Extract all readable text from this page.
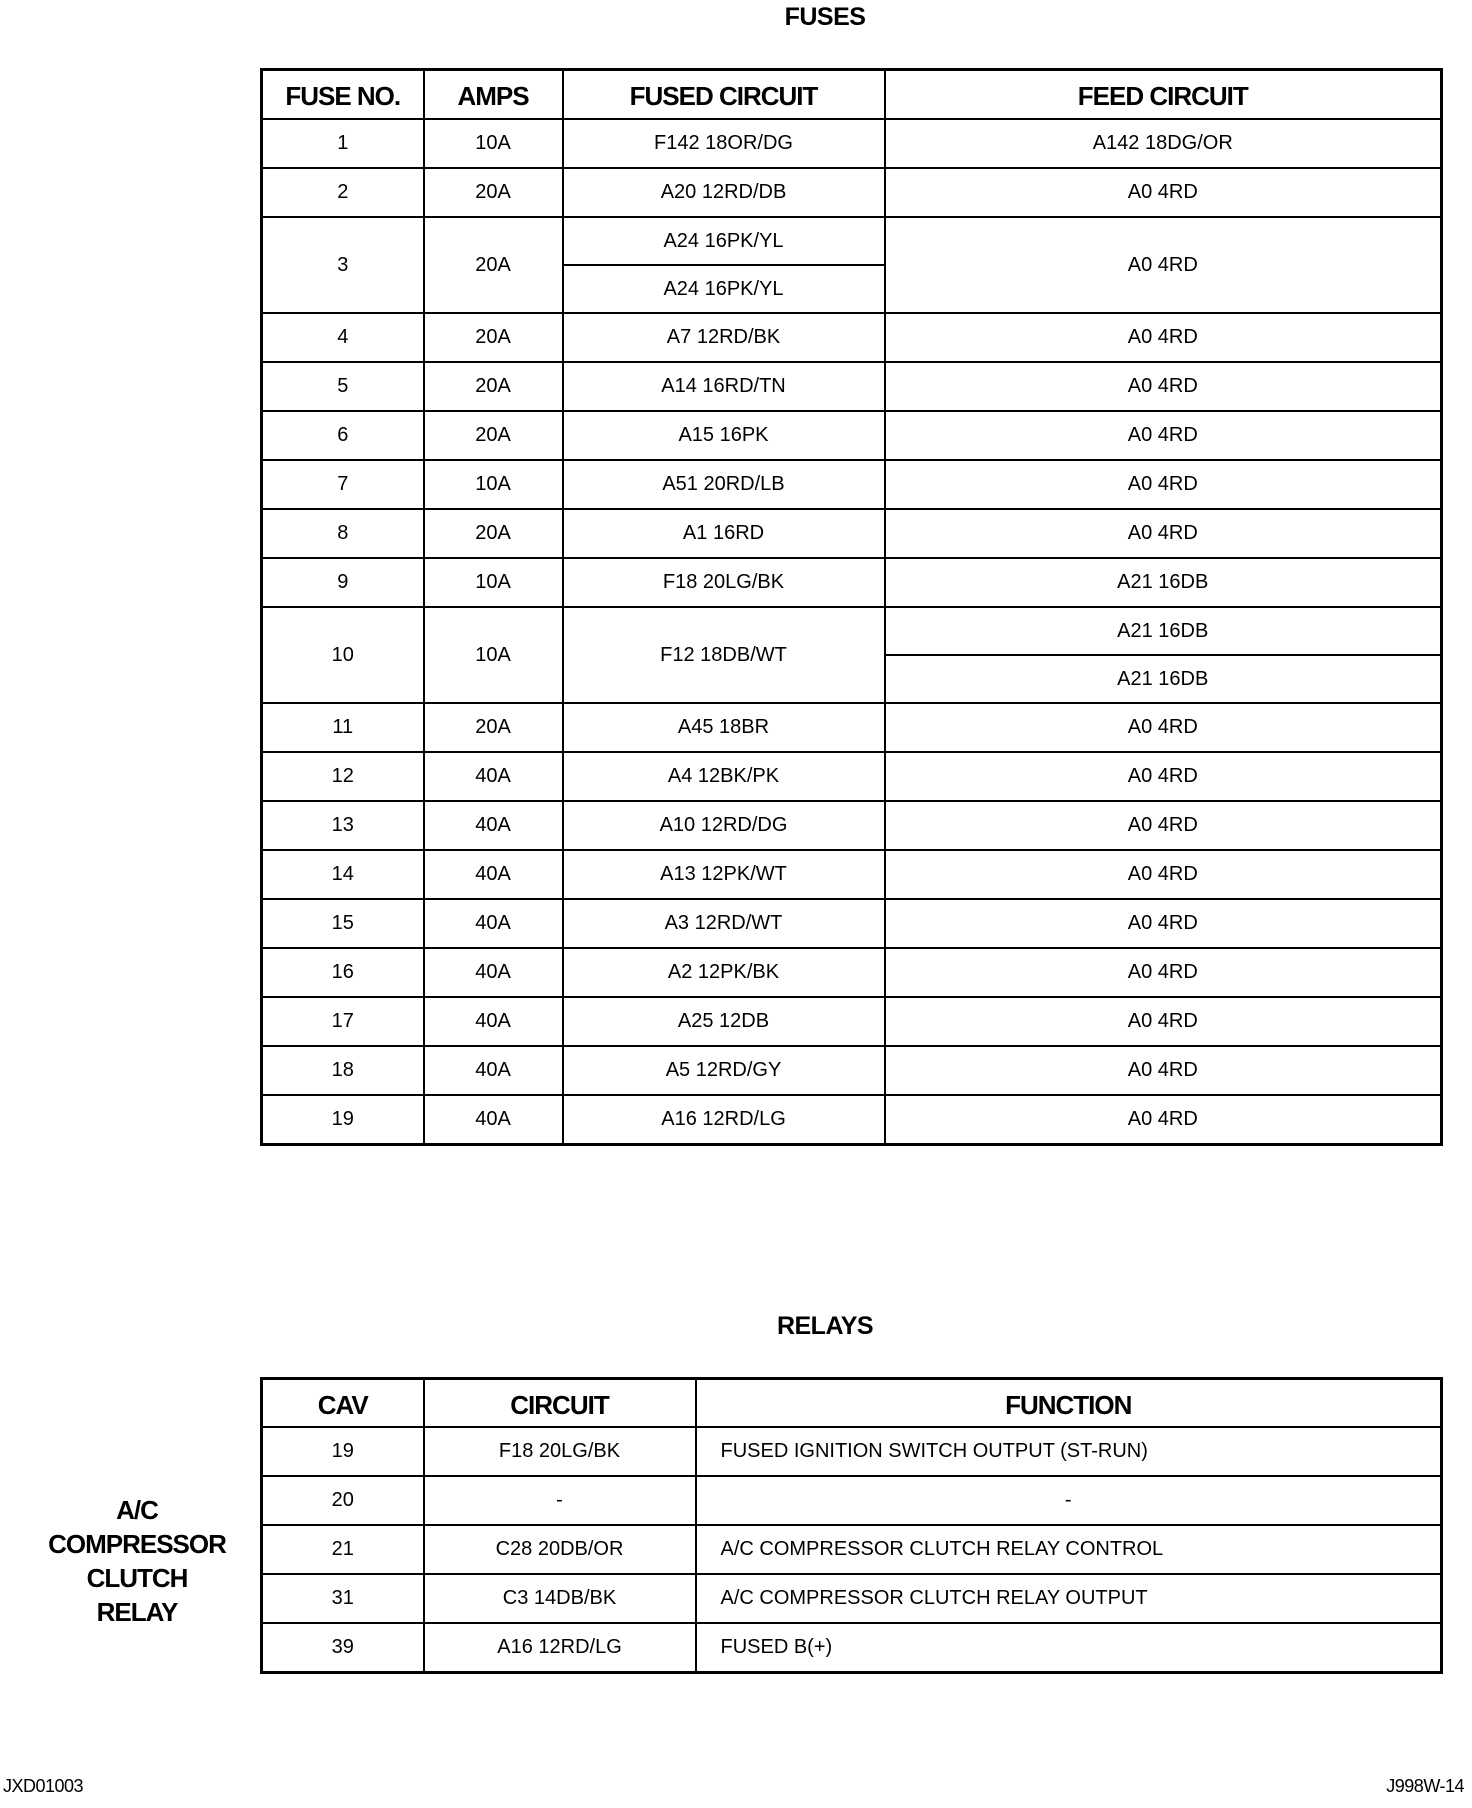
FUSES
FUSE NO.	AMPS	FUSED CIRCUIT	FEED CIRCUIT
1	10A	F142 18OR/DG	A142 18DG/OR
2	20A	A20 12RD/DB	A0 4RD
3	20A	A24 16PK/YL	A0 4RD
		A24 16PK/YL	
4	20A	A7 12RD/BK	A0 4RD
5	20A	A14 16RD/TN	A0 4RD
6	20A	A15 16PK	A0 4RD
7	10A	A51 20RD/LB	A0 4RD
8	20A	A1 16RD	A0 4RD
9	10A	F18 20LG/BK	A21 16DB
10	10A	F12 18DB/WT	A21 16DB
			A21 16DB
11	20A	A45 18BR	A0 4RD
12	40A	A4 12BK/PK	A0 4RD
13	40A	A10 12RD/DG	A0 4RD
14	40A	A13 12PK/WT	A0 4RD
15	40A	A3 12RD/WT	A0 4RD
16	40A	A2 12PK/BK	A0 4RD
17	40A	A25 12DB	A0 4RD
18	40A	A5 12RD/GY	A0 4RD
19	40A	A16 12RD/LG	A0 4RD
RELAYS
A/C
COMPRESSOR
CLUTCH
RELAY
CAV	CIRCUIT	FUNCTION
19	F18 20LG/BK	FUSED IGNITION SWITCH OUTPUT (ST-RUN)
20	-	-
21	C28 20DB/OR	A/C COMPRESSOR CLUTCH RELAY CONTROL
31	C3 14DB/BK	A/C COMPRESSOR CLUTCH RELAY OUTPUT
39	A16 12RD/LG	FUSED B(+)
JXD01003	J998W-14
